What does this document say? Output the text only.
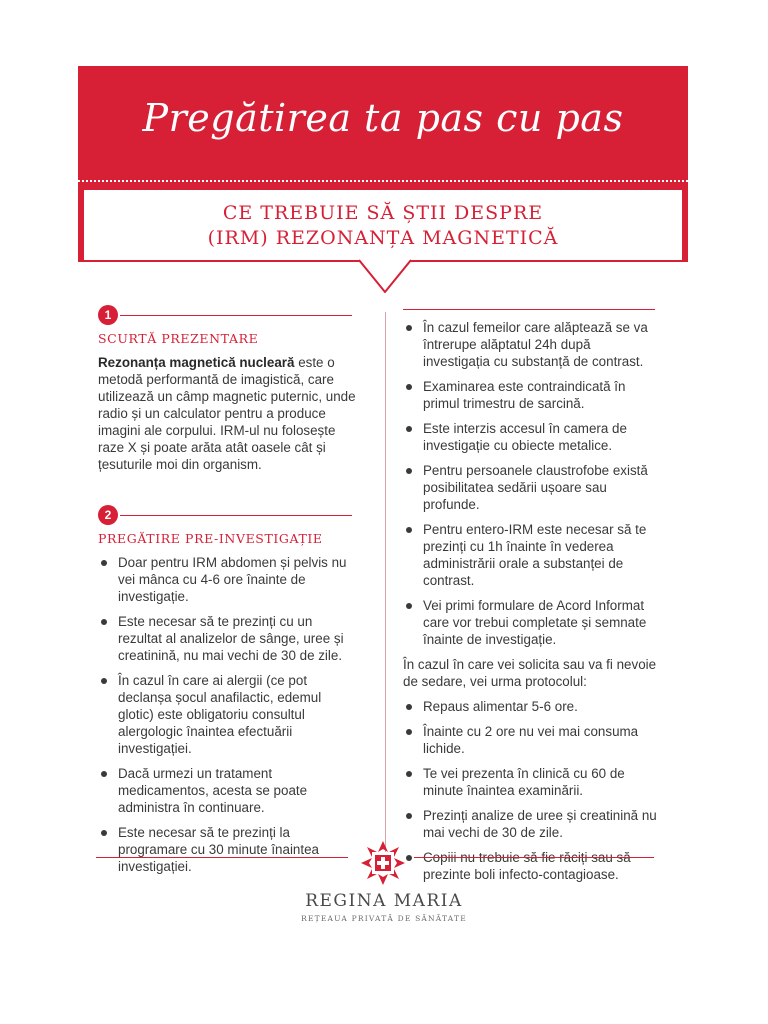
Pregătirea ta pas cu pas
CE TREBUIE SĂ ȘTII DESPRE
(IRM) REZONANȚA MAGNETICĂ
1
SCURTĂ PREZENTARE

Rezonanța magnetică nucleară este o metodă performantă de imagistică, care utilizează un câmp magnetic puternic, unde radio și un calculator pentru a produce imagini ale corpului. IRM-ul nu folosește raze X și poate arăta atât oasele cât și țesuturile moi din organism.

2
PREGĂTIRE PRE-INVESTIGAȚIE
Doar pentru IRM abdomen și pelvis nu vei mânca cu 4-6 ore înainte de investigație.
Este necesar să te prezinți cu un rezultat al analizelor de sânge, uree și creatinină, nu mai vechi de 30 de zile.
În cazul în care ai alergii (ce pot declanșa șocul anafilactic, edemul glotic) este obligatoriu consultul alergologic înaintea efectuării investigației.
Dacă urmezi un tratament medicamentos, acesta se poate administra în continuare.
Este necesar să te prezinți la programare cu 30 minute înaintea investigației.
În cazul femeilor care alăptează se va întrerupe alăptatul 24h după investigația cu substanță de contrast.
Examinarea este contraindicată în primul trimestru de sarcină.
Este interzis accesul în camera de investigație cu obiecte metalice.
Pentru persoanele claustrofobe există posibilitatea sedării ușoare sau profunde.
Pentru entero-IRM este necesar să te prezinți cu 1h înainte în vederea administrării orale a substanței de contrast.
Vei primi formulare de Acord Informat care vor trebui completate și semnate înainte de investigație.

În cazul în care vei solicita sau va fi nevoie de sedare, vei urma protocolul:

Repaus alimentar 5-6 ore.
Înainte cu 2 ore nu vei mai consuma lichide.
Te vei prezenta în clinică cu 60 de minute înaintea examinării.
Prezinți analize de uree și creatinină nu mai vechi de 30 de zile.
Copiii nu trebuie să fie răciți sau să prezinte boli infecto-contagioase.
REGINA MARIA
REȚEAUA PRIVATĂ DE SĂNĂTATE
